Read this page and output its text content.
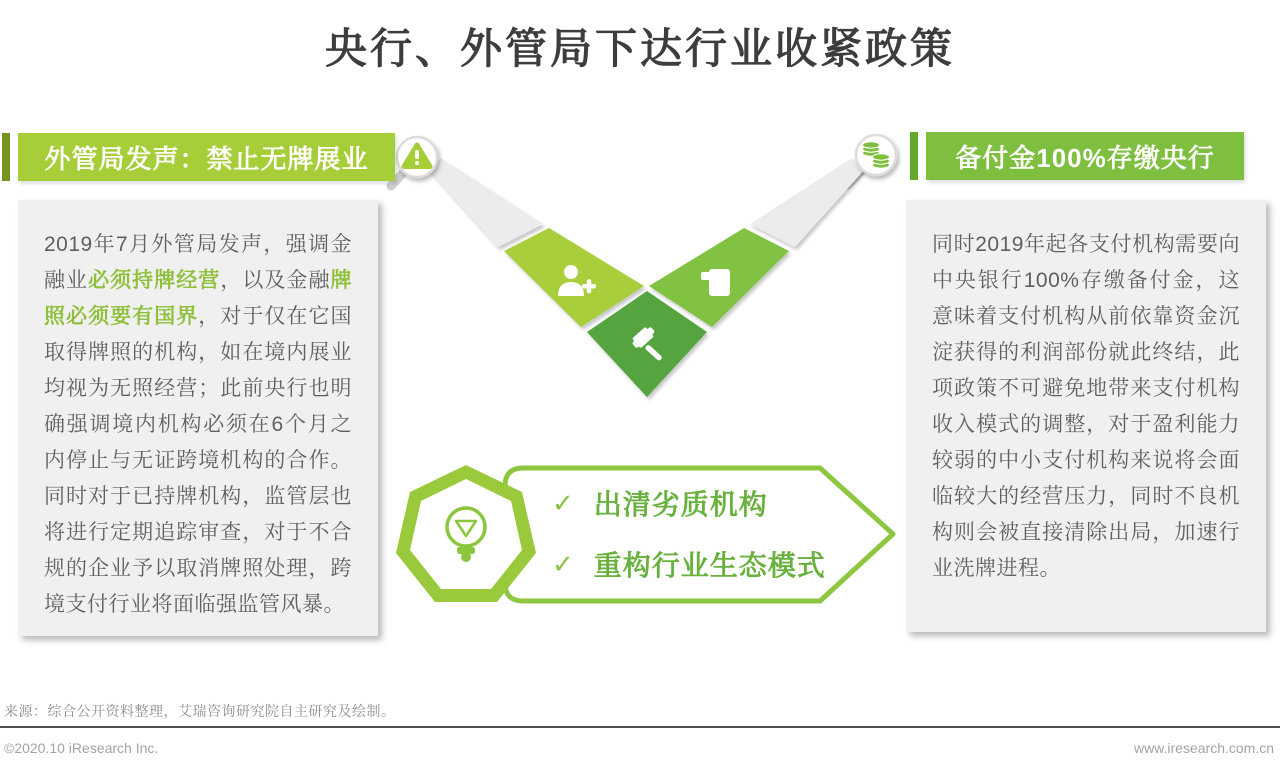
央行、外管局下达行业收紧政策
外管局发声：禁止无牌展业	备付金100%存缴央行
2019年7月外管局发声，强调金融业必须持牌经营，以及金融牌照必须要有国界，对于仅在它国取得牌照的机构，如在境内展业均视为无照经营；此前央行也明确强调境内机构必须在6个月之内停止与无证跨境机构的合作。同时对于已持牌机构，监管层也将进行定期追踪审查，对于不合规的企业予以取消牌照处理，跨境支付行业将面临强监管风暴。
同时2019年起各支付机构需要向中央银行100%存缴备付金，这意味着支付机构从前依靠资金沉淀获得的利润部份就此终结，此项政策不可避免地带来支付机构收入模式的调整，对于盈利能力较弱的中小支付机构来说将会面临较大的经营压力，同时不良机构则会被直接清除出局，加速行业洗牌进程。
✓ 出清劣质机构
✓ 重构行业生态模式
来源：综合公开资料整理，艾瑞咨询研究院自主研究及绘制。
©2020.10 iResearch Inc.	www.iresearch.com.cn
